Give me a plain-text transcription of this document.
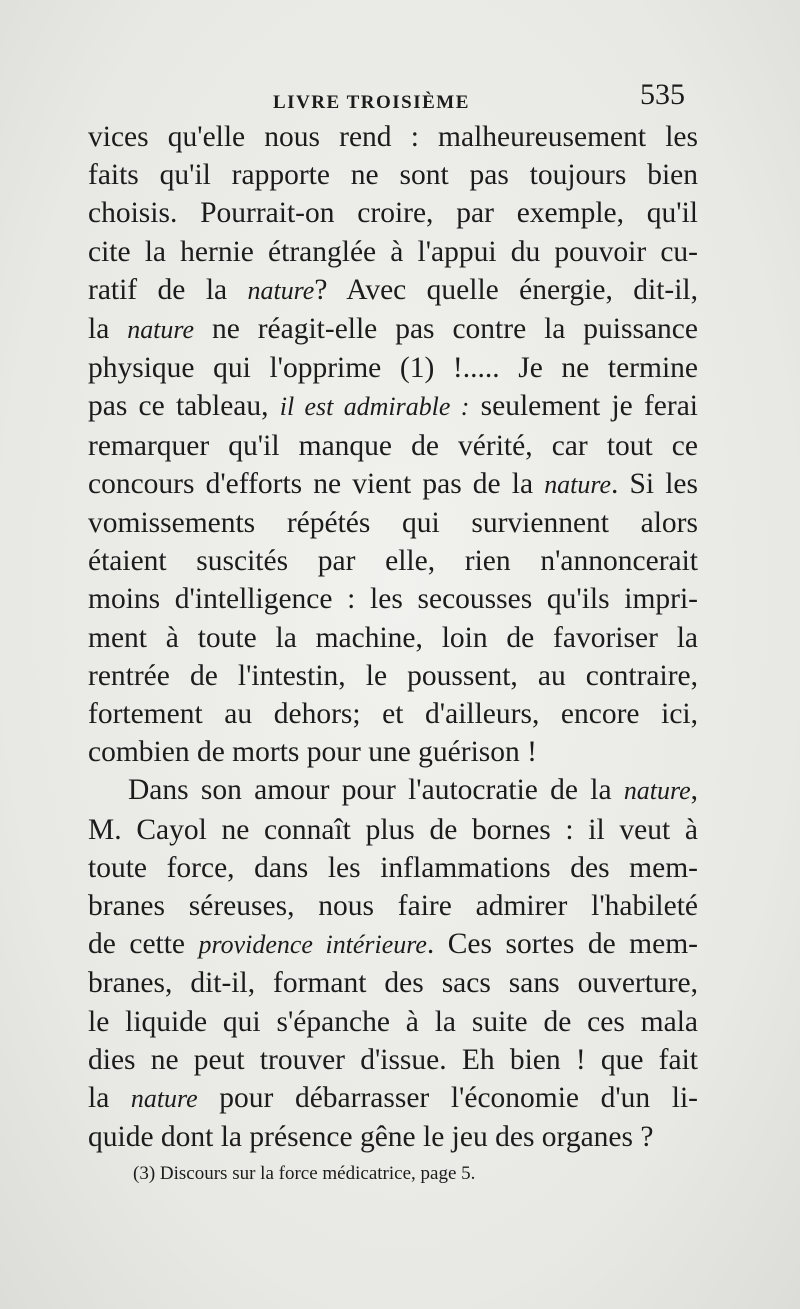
LIVRE TROISIÈME	535
vices qu'elle nous rend : malheureusement les
faits qu'il rapporte ne sont pas toujours bien
choisis. Pourrait-on croire, par exemple, qu'il
cite la hernie étranglée à l'appui du pouvoir cu-
ratif de la nature? Avec quelle énergie, dit-il,
la nature ne réagit-elle pas contre la puissance
physique qui l'opprime (1) !..... Je ne termine
pas ce tableau, il est admirable : seulement je ferai
remarquer qu'il manque de vérité, car tout ce
concours d'efforts ne vient pas de la nature. Si les
vomissements répétés qui surviennent alors
étaient suscités par elle, rien n'annoncerait
moins d'intelligence : les secousses qu'ils impri-
ment à toute la machine, loin de favoriser la
rentrée de l'intestin, le poussent, au contraire,
fortement au dehors; et d'ailleurs, encore ici,
combien de morts pour une guérison !
Dans son amour pour l'autocratie de la nature,
M. Cayol ne connaît plus de bornes : il veut à
toute force, dans les inflammations des mem-
branes séreuses, nous faire admirer l'habileté
de cette providence intérieure. Ces sortes de mem-
branes, dit-il, formant des sacs sans ouverture,
le liquide qui s'épanche à la suite de ces mala
dies ne peut trouver d'issue. Eh bien ! que fait
la nature pour débarrasser l'économie d'un li-
quide dont la présence gêne le jeu des organes ?
(3) Discours sur la force médicatrice, page 5.
